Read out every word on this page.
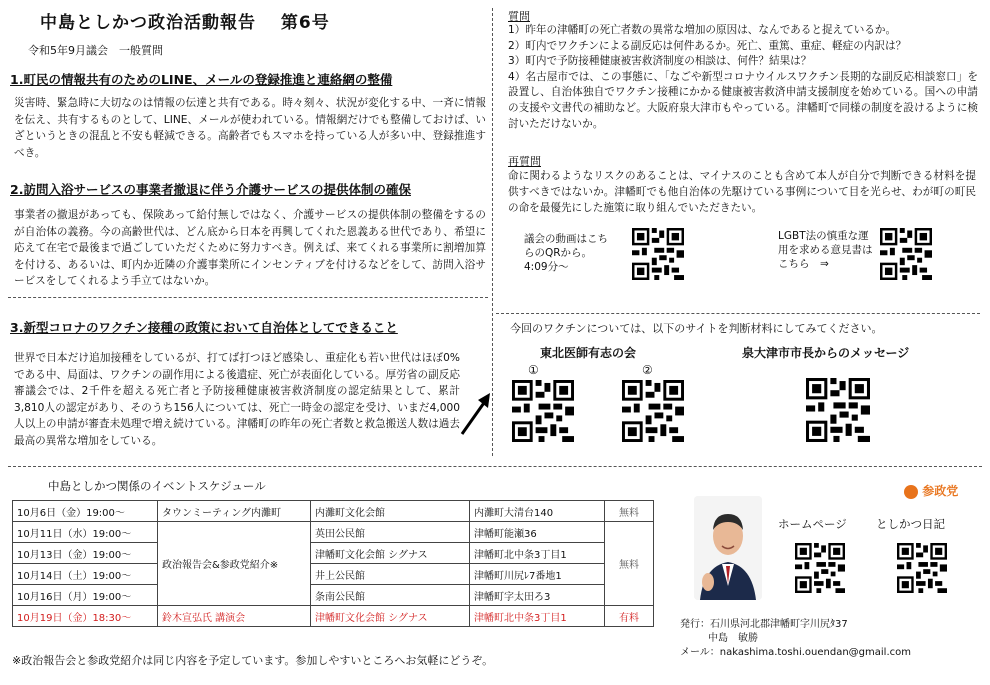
中島としかつ政治活動報告　 第6号
令和5年9月議会　一般質問
1.町民の情報共有のためのLINE、メールの登録推進と連絡網の整備
災害時、緊急時に大切なのは情報の伝達と共有である。時々刻々、状況が変化する中、一斉に情報を伝え、共有するものとして、LINE、メールが使われている。情報網だけでも整備しておけば、いざというときの混乱と不安も軽減できる。高齢者でもスマホを持っている人が多い中、登録推進すべき。
2.訪問入浴サービスの事業者撤退に伴う介護サービスの提供体制の確保
事業者の撤退があっても、保険あって給付無しではなく、介護サービスの提供体制の整備をするのが自治体の義務。今の高齢世代は、どん底から日本を再興してくれた恩義ある世代であり、希望に応えて在宅で最後まで過ごしていただくために努力すべき。例えば、来てくれる事業所に割増加算を付ける、あるいは、町内か近隣の介護事業所にインセンティブを付けるなどをして、訪問入浴サービスをしてくれるよう手立てはないか。
3.新型コロナのワクチン接種の政策において自治体としてできること
世界で日本だけ追加接種をしているが、打てば打つほど感染し、重症化も若い世代はほぼ0%である中、局面は、ワクチンの副作用による後遺症、死亡が表面化している。厚労省の副反応審議会では、2千件を超える死亡者と予防接種健康被害救済制度の認定結果として、累計3,810人の認定があり、そのうち156人については、死亡一時金の認定を受け、いまだ4,000人以上の申請が審査未処理で増え続けている。津幡町の昨年の死亡者数と救急搬送人数は過去最高の異常な増加をしている。
質問
1）昨年の津幡町の死亡者数の異常な増加の原因は、なんであると捉えているか。
2）町内でワクチンによる副反応は何件あるか。死亡、重篤、重症、軽症の内訳は？
3）町内で予防接種健康被害救済制度の相談は、何件？結果は？
4）名古屋市では、この事態に、「なごや新型コロナウイルスワクチン長期的な副反応相談窓口」を設置し、自治体独自でワクチン接種にかかる健康被害救済申請支援制度を始めている。国への申請の支援や文書代の補助など。大阪府泉大津市もやっている。津幡町で同様の制度を設けるように検討いただけないか。
再質問
命に関わるようなリスクのあることは、マイナスのことも含めて本人が自分で判断できる材料を提供すべきではないか。津幡町でも他自治体の先駆けている事例について目を光らせ、わが町の町民の命を最優先にした施策に取り組んでいただきたい。
議会の動画はこちらのQRから。4:09分～
LGBT法の慎重な運用を求める意見書はこちら　⇒
今回のワクチンについては、以下のサイトを判断材料にしてみてください。
東北医師有志の会
①	②
泉大津市市長からのメッセージ
中島としかつ関係のイベントスケジュール
10月6日（金）19:00～	タウンミーティング内灘町	内灘町文化会館	内灘町大清台140	無料
10月11日（水）19:00～	政治報告会&参政党紹介※	英田公民館	津幡町能瀬36	無料
10月13日（金）19:00～		津幡町文化会館 シグナス	津幡町北中条3丁目1	
10月14日（土）19:00～		井上公民館	津幡町川尻ﾚ7番地1	
10月16日（月）19:00～		条南公民館	津幡町字太田ろ3	
10月19日（金）18:30～	鈴木宣弘氏 講演会	津幡町文化会館 シグナス	津幡町北中条3丁目1	有料
※政治報告会と参政党紹介は同じ内容を予定しています。参加しやすいところへお気軽にどうぞ。
参政党
ホームページ	としかつ日記
発行：石川県河北郡津幡町字川尻ﾀ37
中島　敏勝
メール：nakashima.toshi.ouendan@gmail.com
